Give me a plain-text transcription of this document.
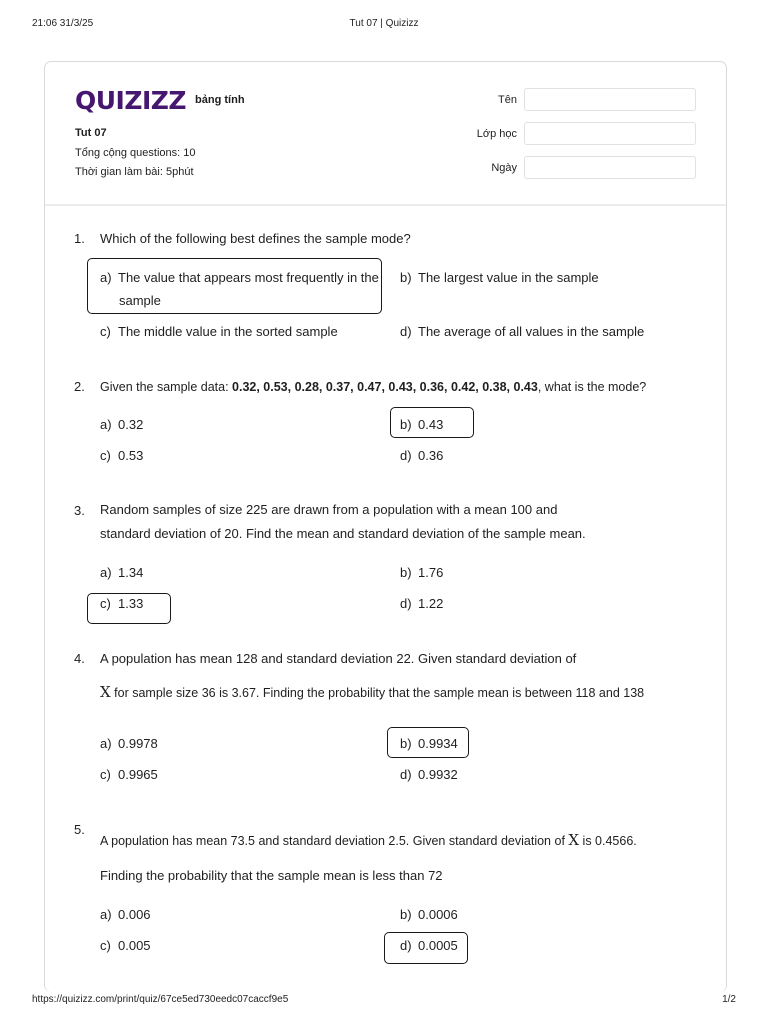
21:06 31/3/25	Tut 07 | Quizizz
QUIZIZZ bảng tính
Tut 07
Tổng cộng questions: 10
Thời gian làm bài: 5phút
Tên
Lớp học
Ngày
1. Which of the following best defines the sample mode?
a) The value that appears most frequently in the
sample
b) The largest value in the sample
c) The middle value in the sorted sample	d) The average of all values in the sample
2. Given the sample data: 0.32, 0.53, 0.28, 0.37, 0.47, 0.43, 0.36, 0.42, 0.38, 0.43, what is the mode?
a) 0.32	b) 0.43
c) 0.53	d) 0.36
3. Random samples of size 225 are drawn from a population with a mean 100 and
standard deviation of 20. Find the mean and standard deviation of the sample mean.
a) 1.34	b) 1.76
c) 1.33	d) 1.22
4. A population has mean 128 and standard deviation 22. Given standard deviation of
X for sample size 36 is 3.67. Finding the probability that the sample mean is between 118 and 138
a) 0.9978	b) 0.9934
c) 0.9965	d) 0.9932
5.
A population has mean 73.5 and standard deviation 2.5. Given standard deviation of X is 0.4566.
Finding the probability that the sample mean is less than 72
a) 0.006	b) 0.0006
c) 0.005	d) 0.0005
https://quizizz.com/print/quiz/67ce5ed730eedc07caccf9e5	1/2
